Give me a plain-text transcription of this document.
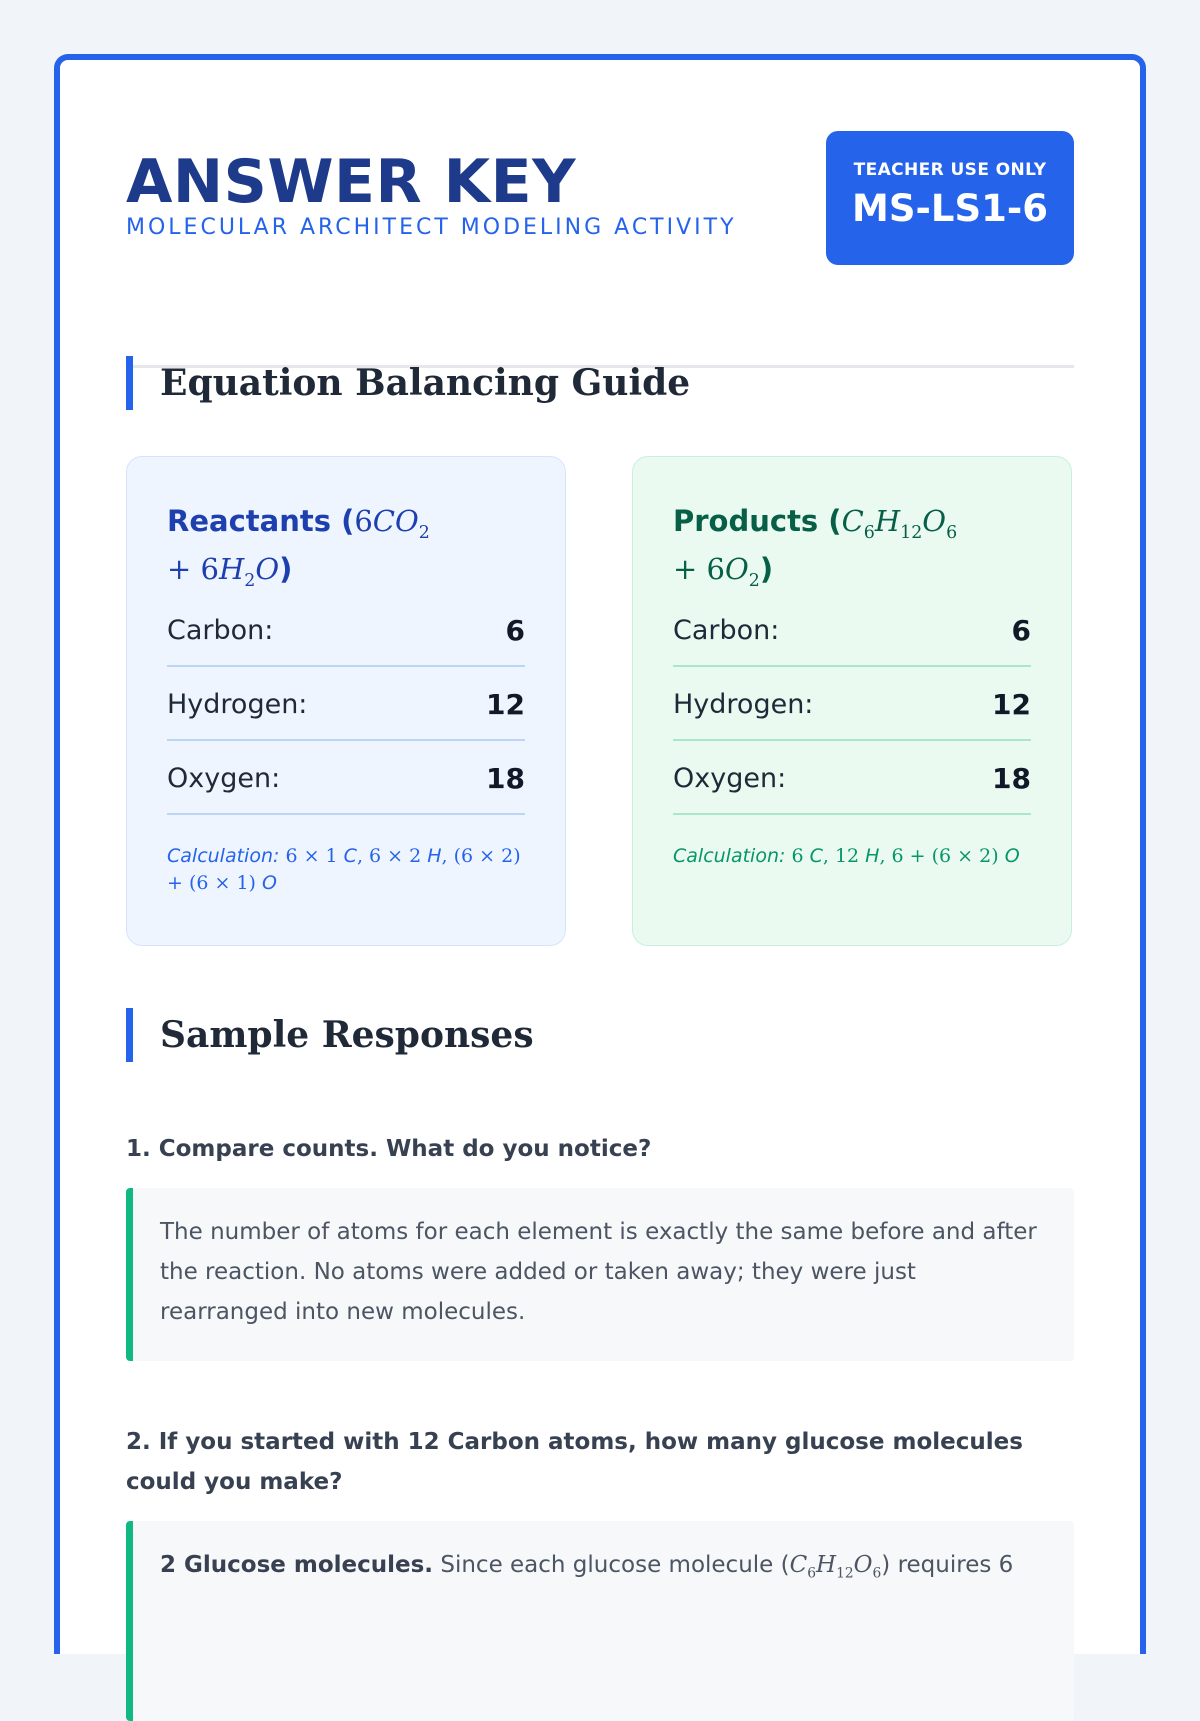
ANSWER KEY
MOLECULAR ARCHITECT MODELING ACTIVITY
TEACHER USE ONLY
MS-LS1-6
Equation Balancing Guide
Reactants ($6CO_2$
+ $6H_2O$)
Carbon:	6
Hydrogen:	12
Oxygen:	18
Calculation: 6 × 1 C, 6 × 2 H, (6 × 2)
+ (6 × 1) O
Products ($C_6H_{12}O_6$
+ $6O_2$)
Carbon:	6
Hydrogen:	12
Oxygen:	18
Calculation: 6 C, 12 H, 6 + (6 × 2) O
Sample Responses
1. Compare counts. What do you notice?
The number of atoms for each element is exactly the same before and after the reaction. No atoms were added or taken away; they were just rearranged into new molecules.
2. If you started with 12 Carbon atoms, how many glucose molecules could you make?
2 Glucose molecules. Since each glucose molecule $(C_6H_{12}O_6)$ requires 6
